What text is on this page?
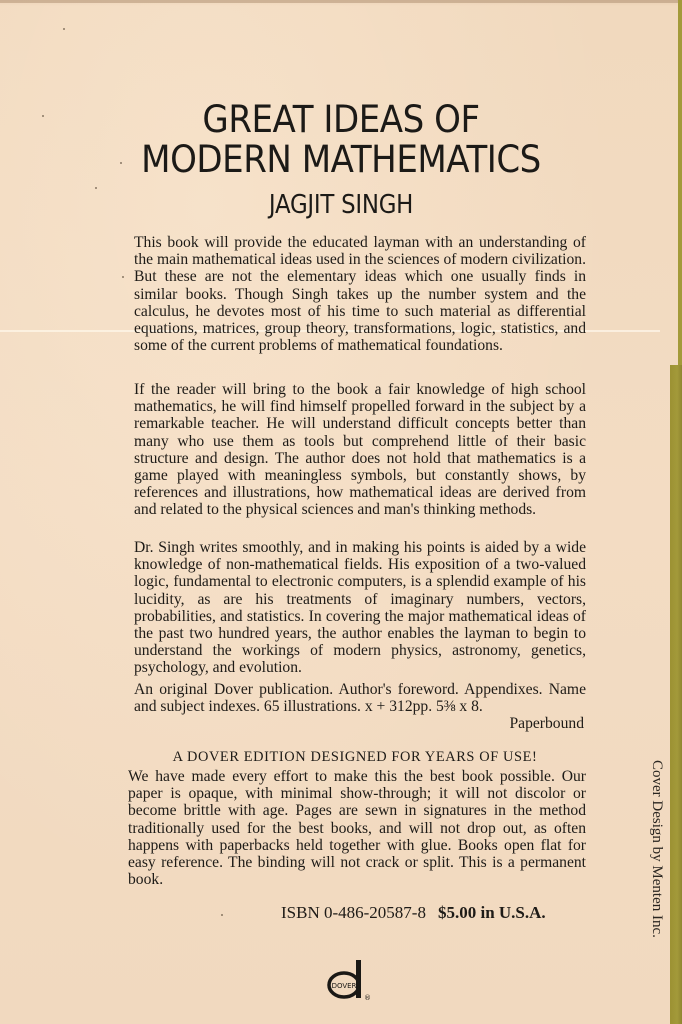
GREAT IDEAS OF
MODERN MATHEMATICS
JAGJIT SINGH

This book will provide the educated layman with an understanding of the main mathematical ideas used in the sciences of modern civilization. But these are not the elementary ideas which one usually finds in similar books. Though Singh takes up the number system and the calculus, he devotes most of his time to such material as differential equations, matrices, group theory, transformations, logic, statistics, and some of the current problems of mathematical foundations.

If the reader will bring to the book a fair knowledge of high school mathematics, he will find himself propelled forward in the subject by a remarkable teacher. He will understand difficult concepts better than many who use them as tools but comprehend little of their basic structure and design. The author does not hold that mathematics is a game played with meaningless symbols, but constantly shows, by references and illustrations, how mathematical ideas are derived from and related to the physical sciences and man's thinking methods.

Dr. Singh writes smoothly, and in making his points is aided by a wide knowledge of non-mathematical fields. His exposition of a two-valued logic, fundamental to electronic computers, is a splendid example of his lucidity, as are his treatments of imaginary numbers, vectors, probabilities, and statistics. In covering the major mathematical ideas of the past two hundred years, the author enables the layman to begin to understand the workings of modern physics, astronomy, genetics, psychology, and evolution.

An original Dover publication. Author's foreword. Appendixes. Name and subject indexes. 65 illustrations. x + 312pp. 5⅜ x 8.

Paperbound
A DOVER EDITION DESIGNED FOR YEARS OF USE!

We have made every effort to make this the best book possible. Our paper is opaque, with minimal show-through; it will not discolor or become brittle with age. Pages are sewn in signatures in the method traditionally used for the best books, and will not drop out, as often happens with paperbacks held together with glue. Books open flat for easy reference. The binding will not crack or split. This is a permanent book.

ISBN 0-486-20587-8 $5.00 in U.S.A.
DOVER
®
Cover Design by Menten Inc.
